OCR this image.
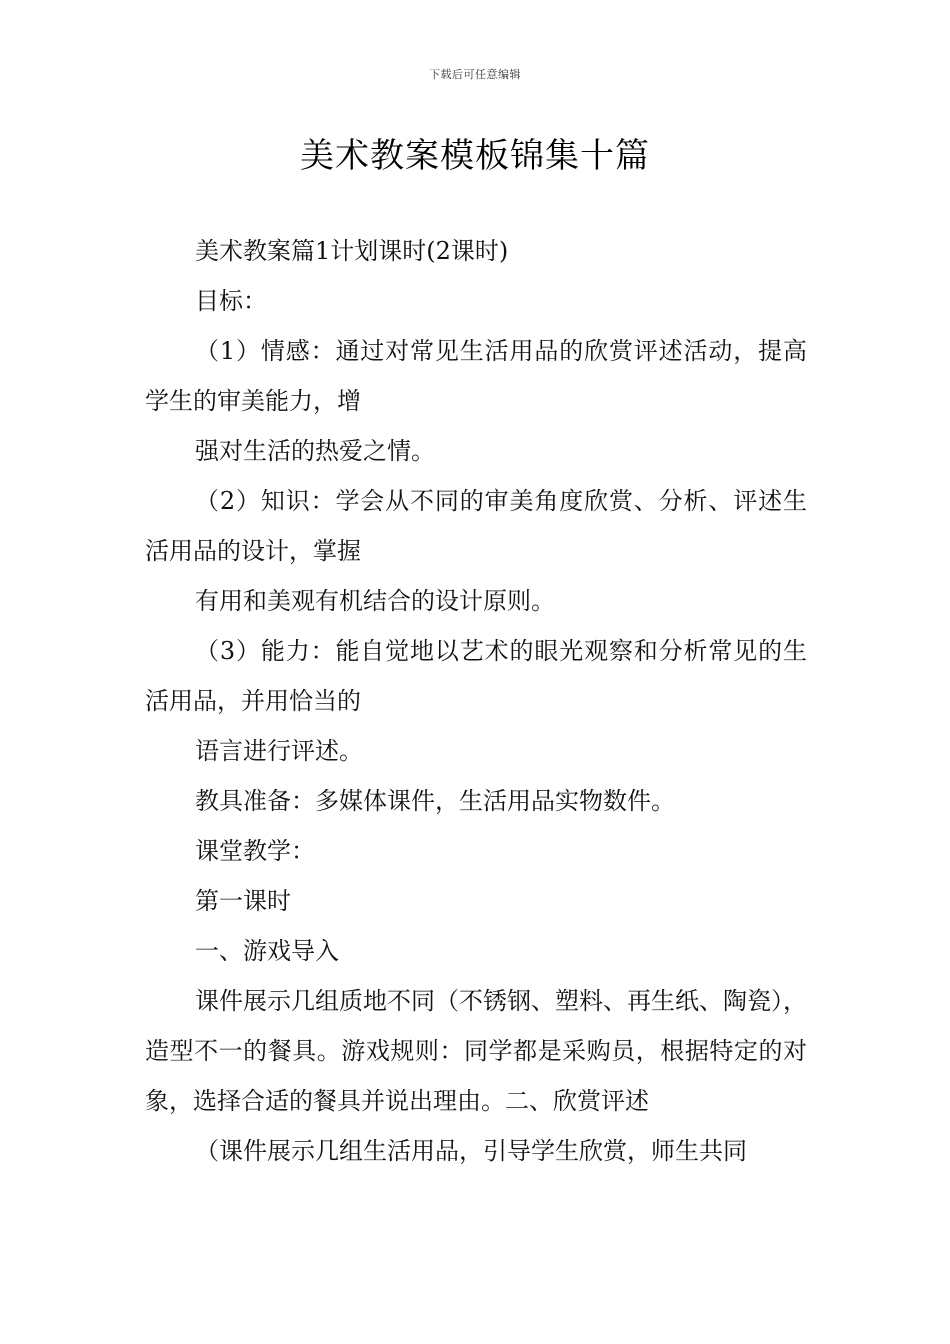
下载后可任意编辑
美术教案模板锦集十篇

美术教案篇1计划课时(2课时)

目标：

（1）情感：通过对常见生活用品的欣赏评述活动，提高学生的审美能力，增

强对生活的热爱之情。

（2）知识：学会从不同的审美角度欣赏、分析、评述生活用品的设计，掌握

有用和美观有机结合的设计原则。

（3）能力：能自觉地以艺术的眼光观察和分析常见的生活用品，并用恰当的

语言进行评述。

教具准备：多媒体课件，生活用品实物数件。

课堂教学：

第一课时

一、游戏导入

课件展示几组质地不同（不锈钢、塑料、再生纸、陶瓷），造型不一的餐具。游戏规则：同学都是采购员，根据特定的对象，选择合适的餐具并说出理由。二、欣赏评述

（课件展示几组生活用品，引导学生欣赏，师生共同
